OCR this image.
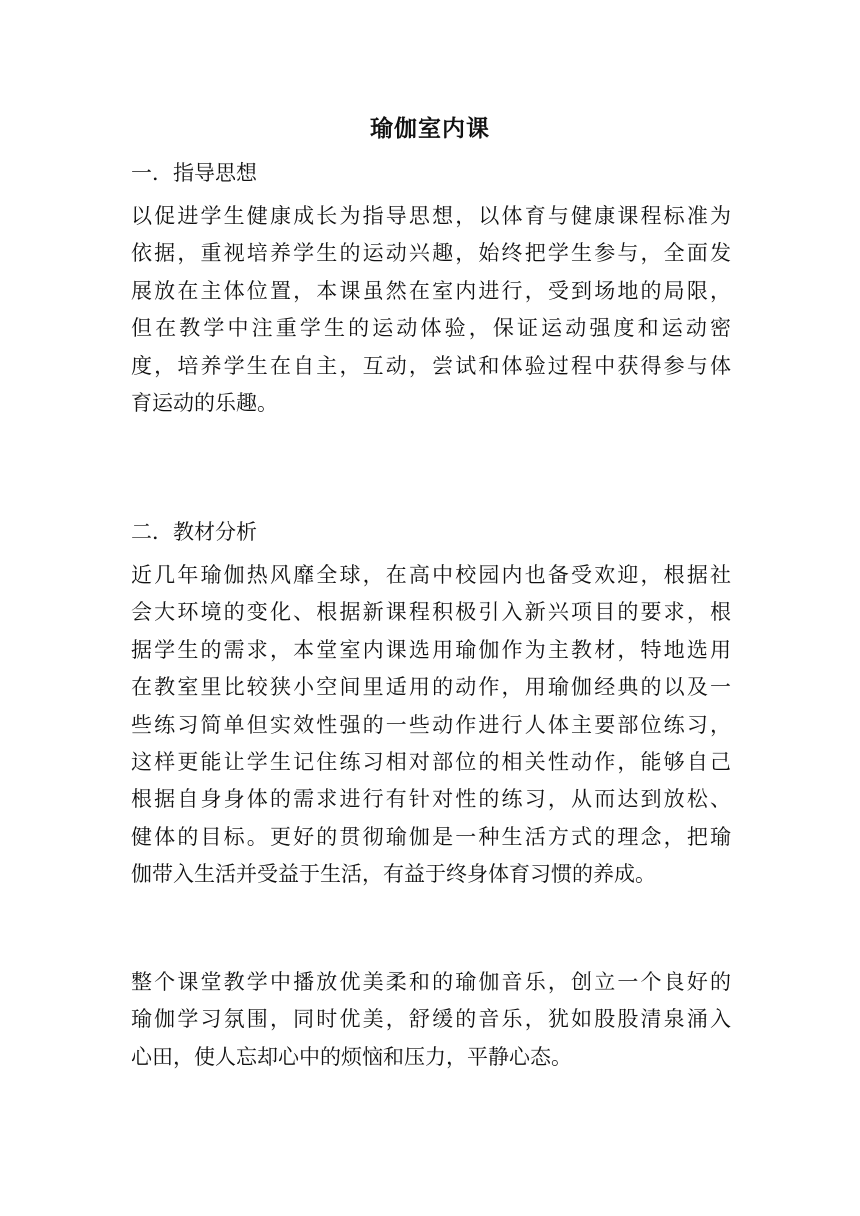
瑜伽室内课
一．指导思想

以促进学生健康成长为指导思想，以体育与健康课程标准为
依据，重视培养学生的运动兴趣，始终把学生参与，全面发
展放在主体位置，本课虽然在室内进行，受到场地的局限，
但在教学中注重学生的运动体验，保证运动强度和运动密
度，培养学生在自主，互动，尝试和体验过程中获得参与体
育运动的乐趣。

二．教材分析

近几年瑜伽热风靡全球，在高中校园内也备受欢迎，根据社
会大环境的变化、根据新课程积极引入新兴项目的要求，根
据学生的需求，本堂室内课选用瑜伽作为主教材，特地选用
在教室里比较狭小空间里适用的动作，用瑜伽经典的以及一
些练习简单但实效性强的一些动作进行人体主要部位练习，
这样更能让学生记住练习相对部位的相关性动作，能够自己
根据自身身体的需求进行有针对性的练习，从而达到放松、
健体的目标。更好的贯彻瑜伽是一种生活方式的理念，把瑜
伽带入生活并受益于生活，有益于终身体育习惯的养成。

整个课堂教学中播放优美柔和的瑜伽音乐，创立一个良好的
瑜伽学习氛围，同时优美，舒缓的音乐，犹如股股清泉涌入
心田，使人忘却心中的烦恼和压力，平静心态。
